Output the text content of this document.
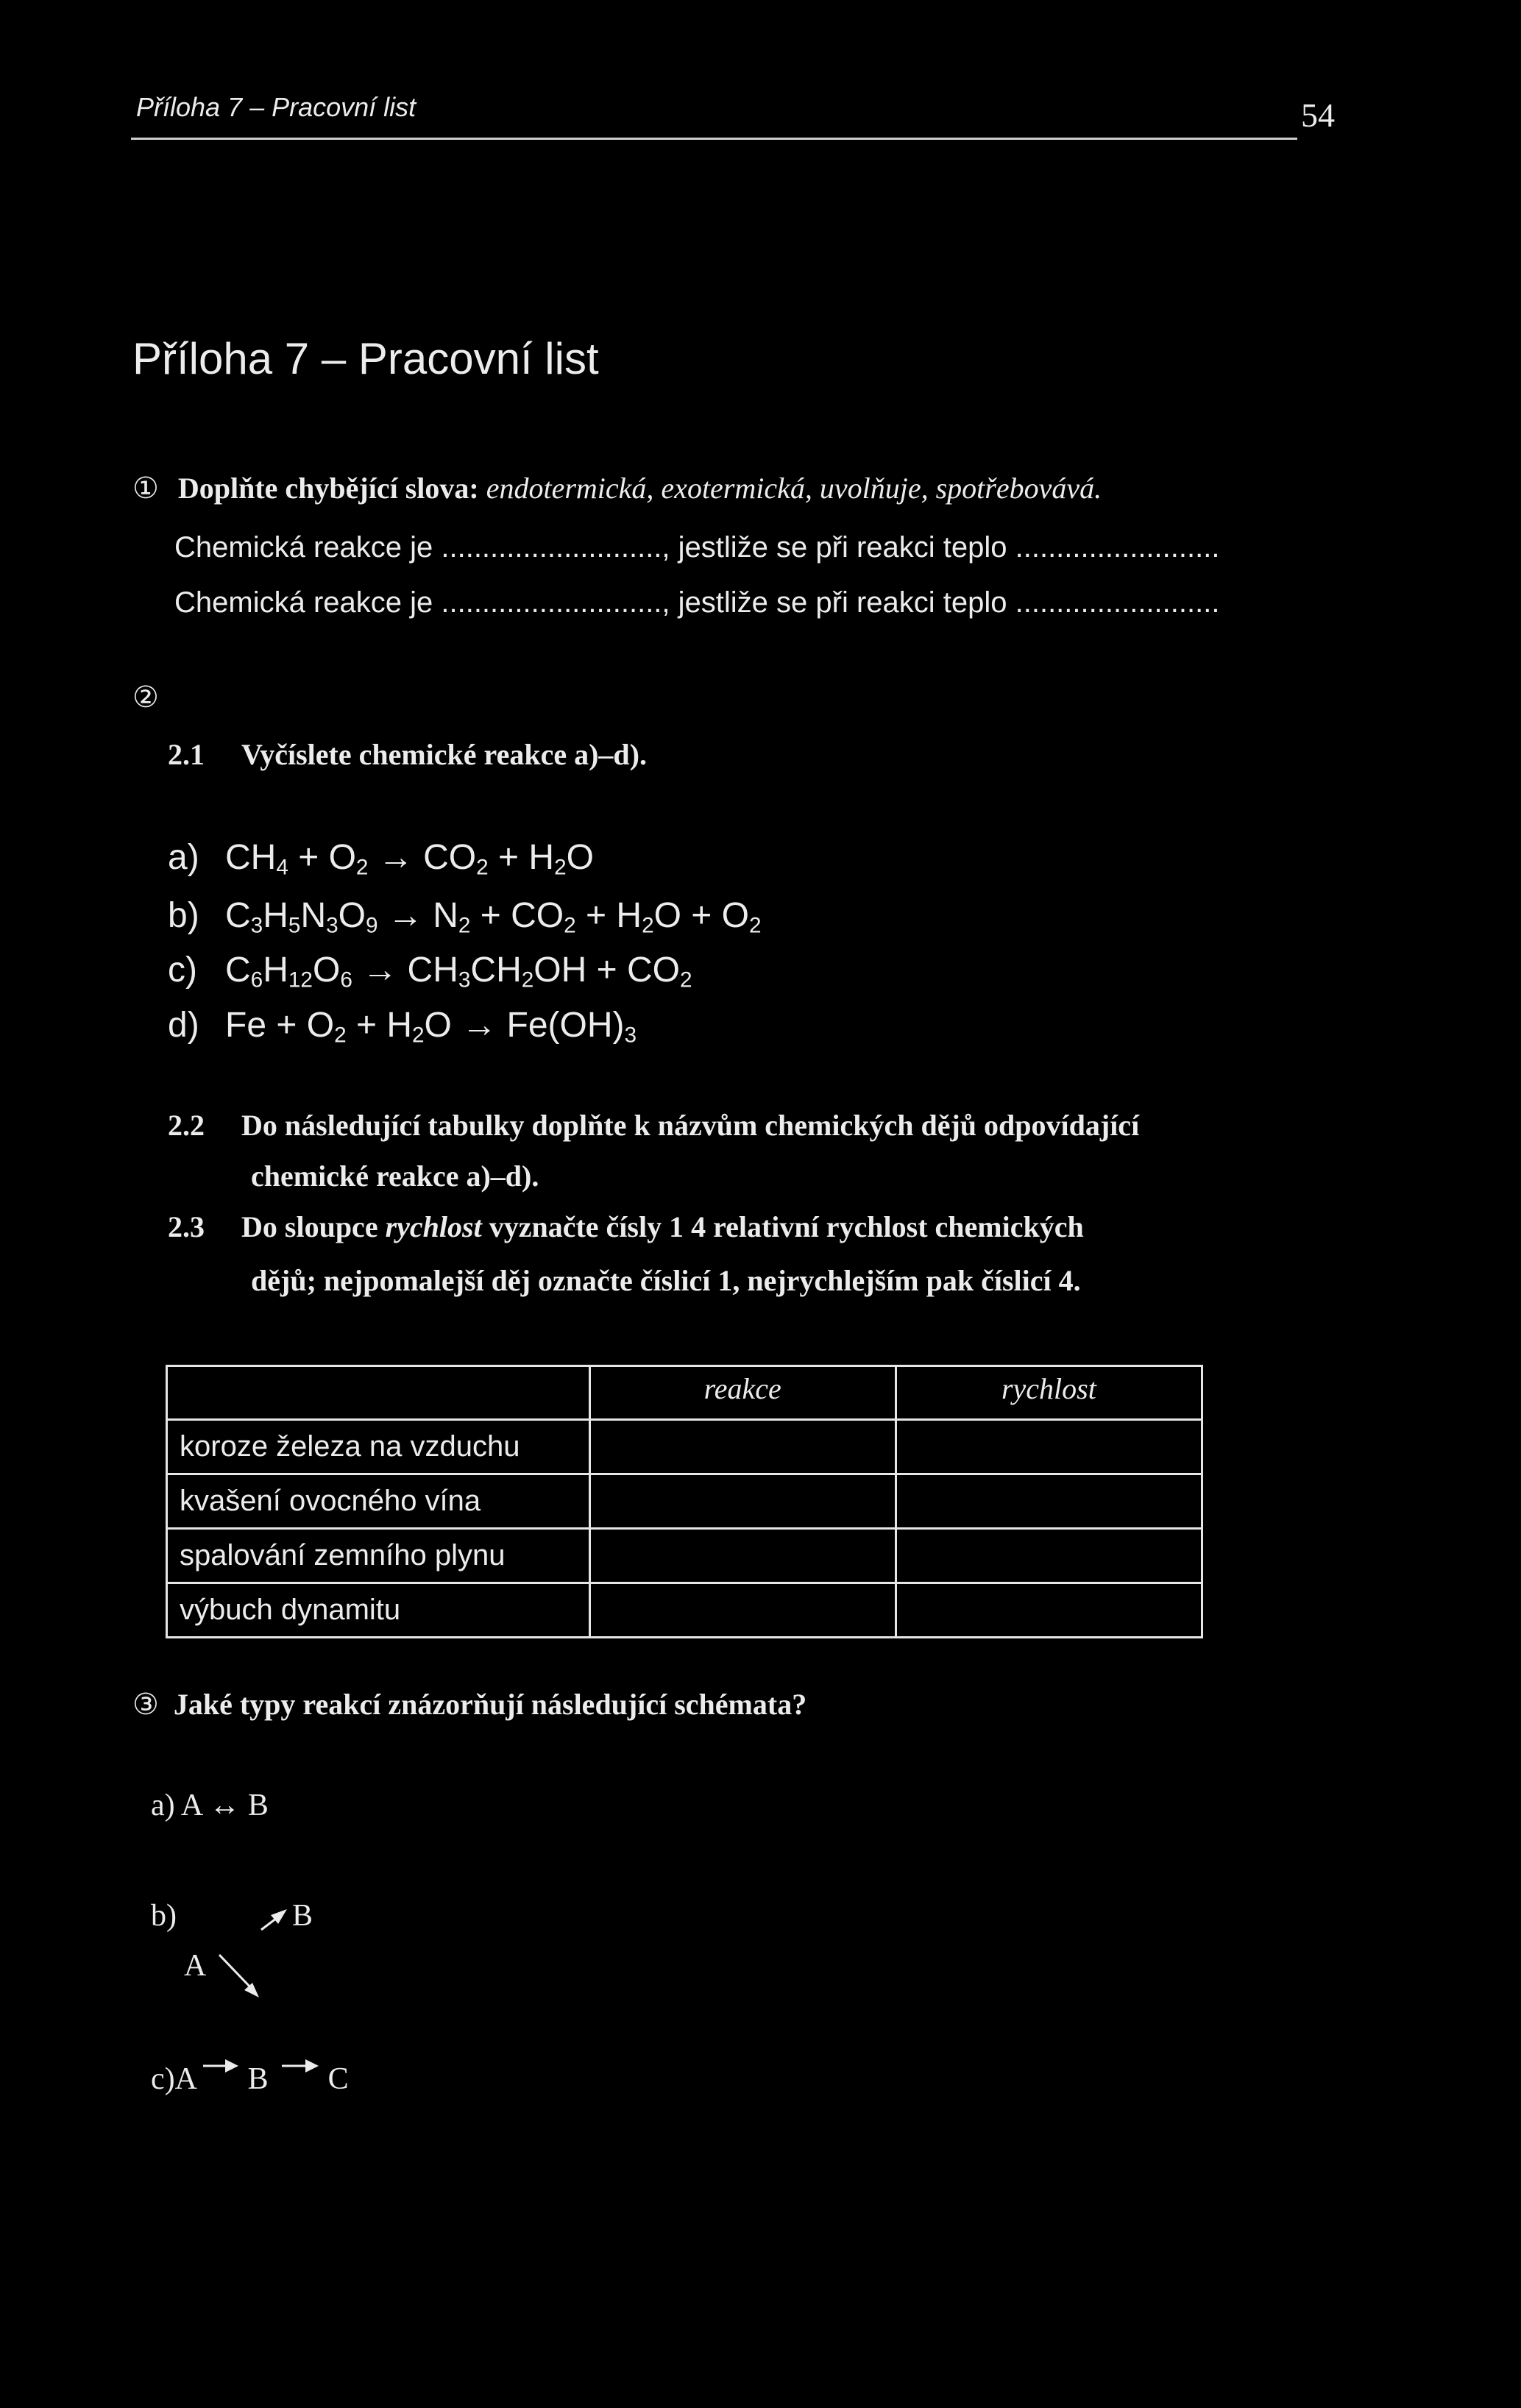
Příloha 7 – Pracovní list	54
Příloha 7 – Pracovní list
① Doplňte chybějící slova: endotermická, exotermická, uvolňuje, spotřebovává.
Chemická reakce je ..........................., jestliže se při reakci teplo .........................
Chemická reakce je ..........................., jestliže se při reakci teplo .........................
②
2.1 Vyčíslete chemické reakce a)–d).
a) $CH_4 + O_2 \to CO_2 + H_2O$
b) $C_3H_5N_3O_9 \to N_2 + CO_2 + H_2O + O_2$
c) $C_6H_{12}O_6 \to CH_3CH_2OH + CO_2$
d) $Fe + O_2 + H_2O \to Fe(OH)_3$
2.2 Do následující tabulky doplňte k názvům chemických dějů odpovídající
chemické reakce a)–d).
2.3 Do sloupce rychlost vyznačte čísly 1 4 relativní rychlost chemických
dějů; nejpomalejší děj označte číslicí 1, nejrychlejším pak číslicí 4.
	reakce	rychlost
koroze železa na vzduchu		
kvašení ovocného vína		
spalování zemního plynu		
výbuch dynamitu		
③ Jaké typy reakcí znázorňují následující schémata?
a) A ↔ B
b)	B
A
c)A B C
